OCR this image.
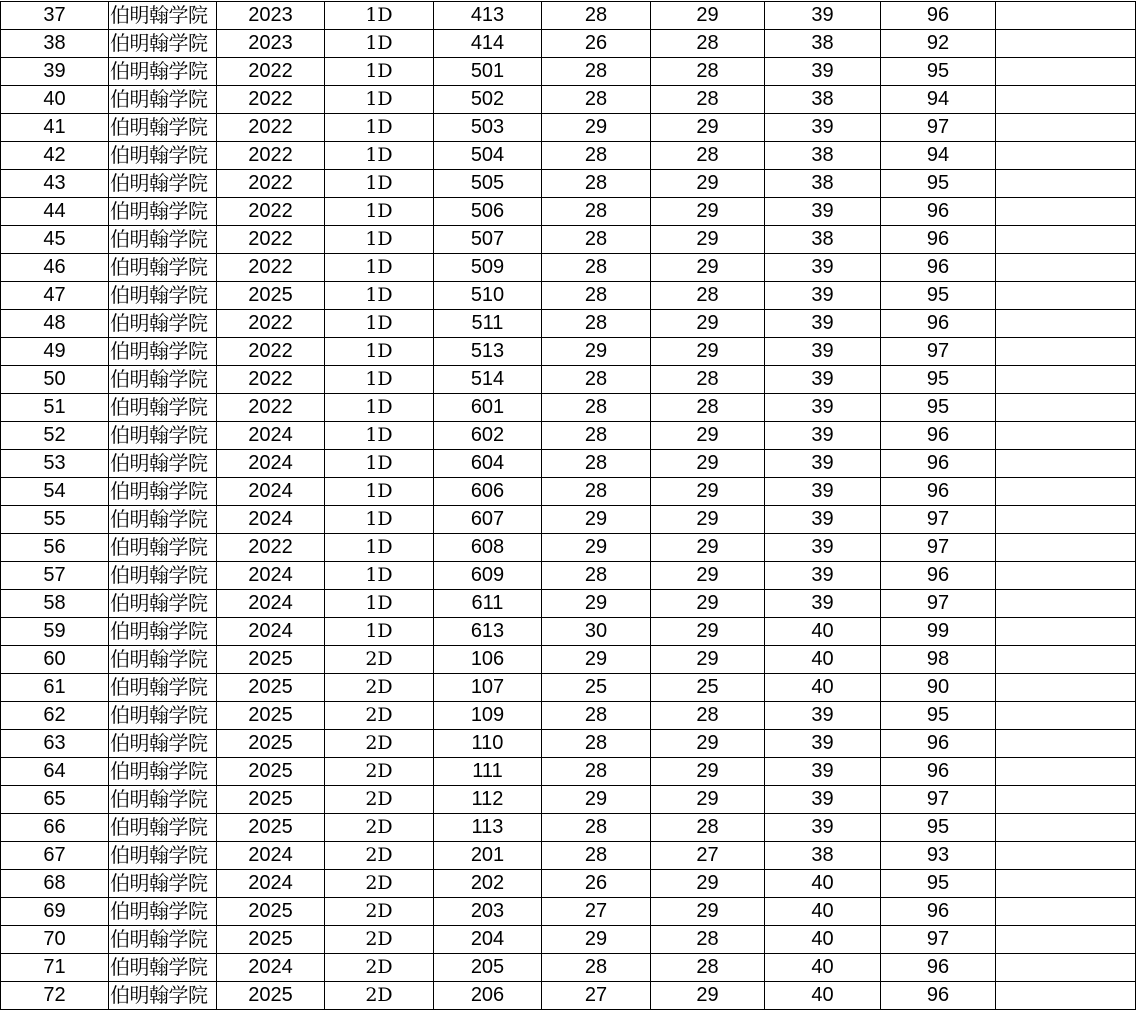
37	伯明翰学院	2023	1D	413	28	29	39	96	
38	伯明翰学院	2023	1D	414	26	28	38	92	
39	伯明翰学院	2022	1D	501	28	28	39	95	
40	伯明翰学院	2022	1D	502	28	28	38	94	
41	伯明翰学院	2022	1D	503	29	29	39	97	
42	伯明翰学院	2022	1D	504	28	28	38	94	
43	伯明翰学院	2022	1D	505	28	29	38	95	
44	伯明翰学院	2022	1D	506	28	29	39	96	
45	伯明翰学院	2022	1D	507	28	29	38	96	
46	伯明翰学院	2022	1D	509	28	29	39	96	
47	伯明翰学院	2025	1D	510	28	28	39	95	
48	伯明翰学院	2022	1D	511	28	29	39	96	
49	伯明翰学院	2022	1D	513	29	29	39	97	
50	伯明翰学院	2022	1D	514	28	28	39	95	
51	伯明翰学院	2022	1D	601	28	28	39	95	
52	伯明翰学院	2024	1D	602	28	29	39	96	
53	伯明翰学院	2024	1D	604	28	29	39	96	
54	伯明翰学院	2024	1D	606	28	29	39	96	
55	伯明翰学院	2024	1D	607	29	29	39	97	
56	伯明翰学院	2022	1D	608	29	29	39	97	
57	伯明翰学院	2024	1D	609	28	29	39	96	
58	伯明翰学院	2024	1D	611	29	29	39	97	
59	伯明翰学院	2024	1D	613	30	29	40	99	
60	伯明翰学院	2025	2D	106	29	29	40	98	
61	伯明翰学院	2025	2D	107	25	25	40	90	
62	伯明翰学院	2025	2D	109	28	28	39	95	
63	伯明翰学院	2025	2D	110	28	29	39	96	
64	伯明翰学院	2025	2D	111	28	29	39	96	
65	伯明翰学院	2025	2D	112	29	29	39	97	
66	伯明翰学院	2025	2D	113	28	28	39	95	
67	伯明翰学院	2024	2D	201	28	27	38	93	
68	伯明翰学院	2024	2D	202	26	29	40	95	
69	伯明翰学院	2025	2D	203	27	29	40	96	
70	伯明翰学院	2025	2D	204	29	28	40	97	
71	伯明翰学院	2024	2D	205	28	28	40	96	
72	伯明翰学院	2025	2D	206	27	29	40	96	
